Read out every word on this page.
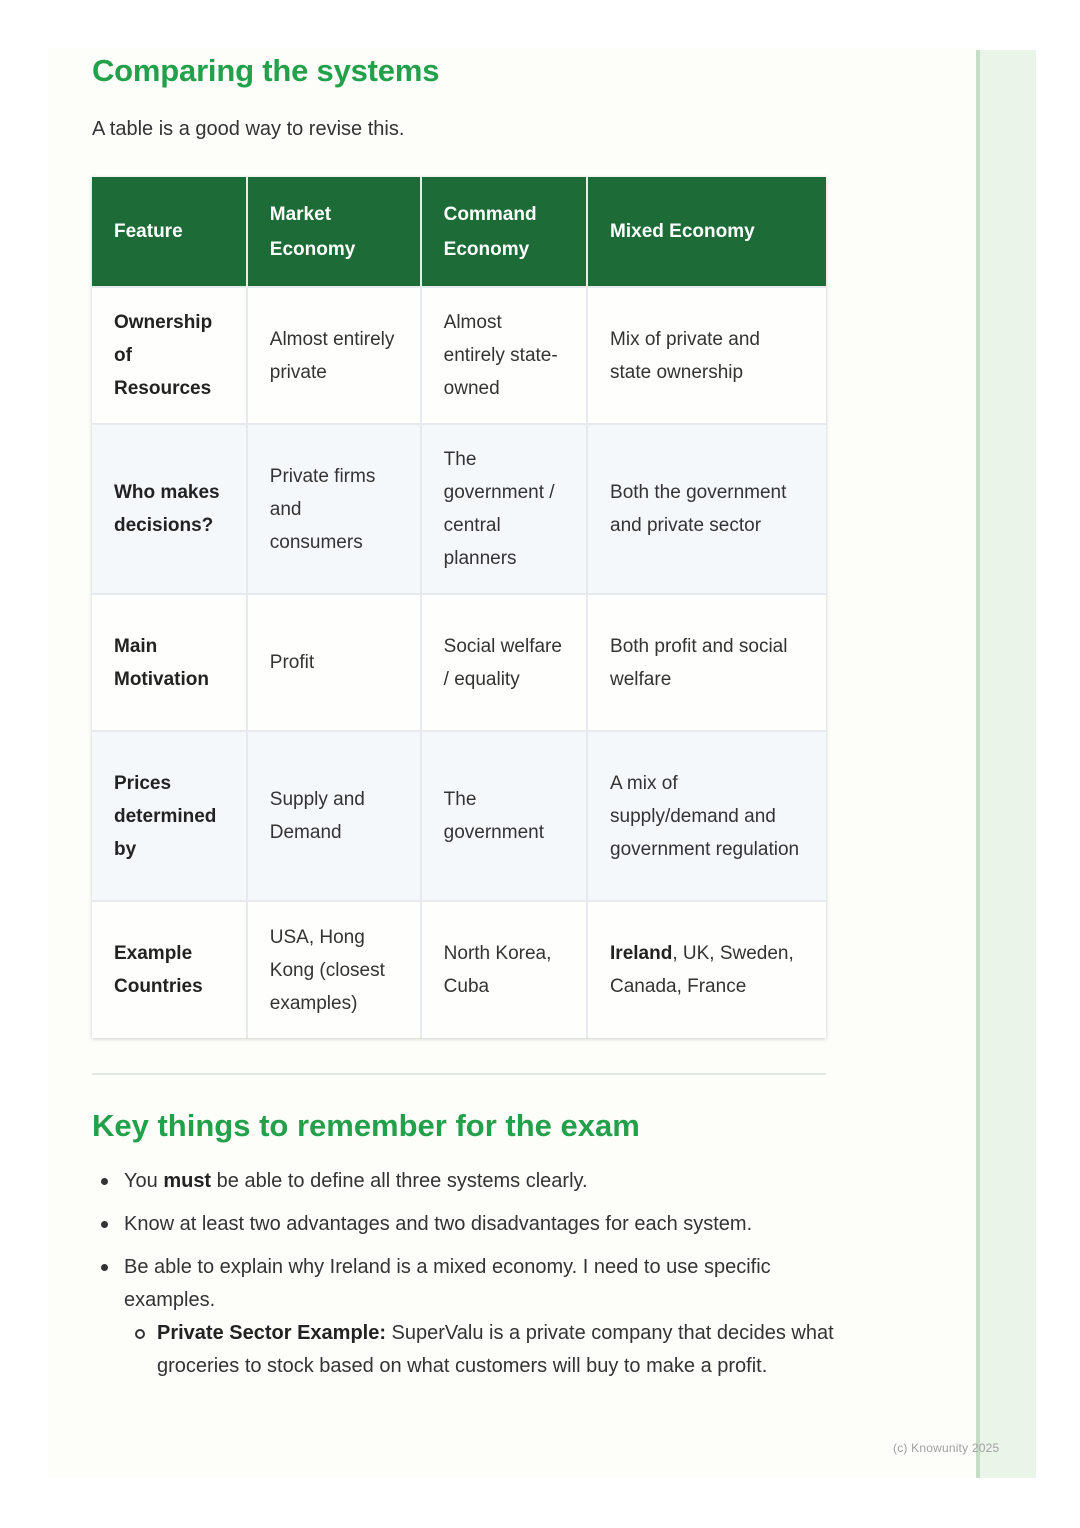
Comparing the systems

A table is a good way to revise this.

Feature	Market Economy	Command Economy	Mixed Economy
Ownership of Resources	Almost entirely private	Almost entirely state-owned	Mix of private and state ownership
Who makes decisions?	Private firms and consumers	The government / central planners	Both the government and private sector
Main Motivation	Profit	Social welfare / equality	Both profit and social welfare
Prices determined by	Supply and Demand	The government	A mix of supply/demand and government regulation
Example Countries	USA, Hong Kong (closest examples)	North Korea, Cuba	Ireland, UK, Sweden, Canada, France
Key things to remember for the exam
You must be able to define all three systems clearly.
Know at least two advantages and two disadvantages for each system.
Be able to explain why Ireland is a mixed economy. I need to use specific examples.
Private Sector Example: SuperValu is a private company that decides what groceries to stock based on what customers will buy to make a profit.
(c) Knowunity 2025
